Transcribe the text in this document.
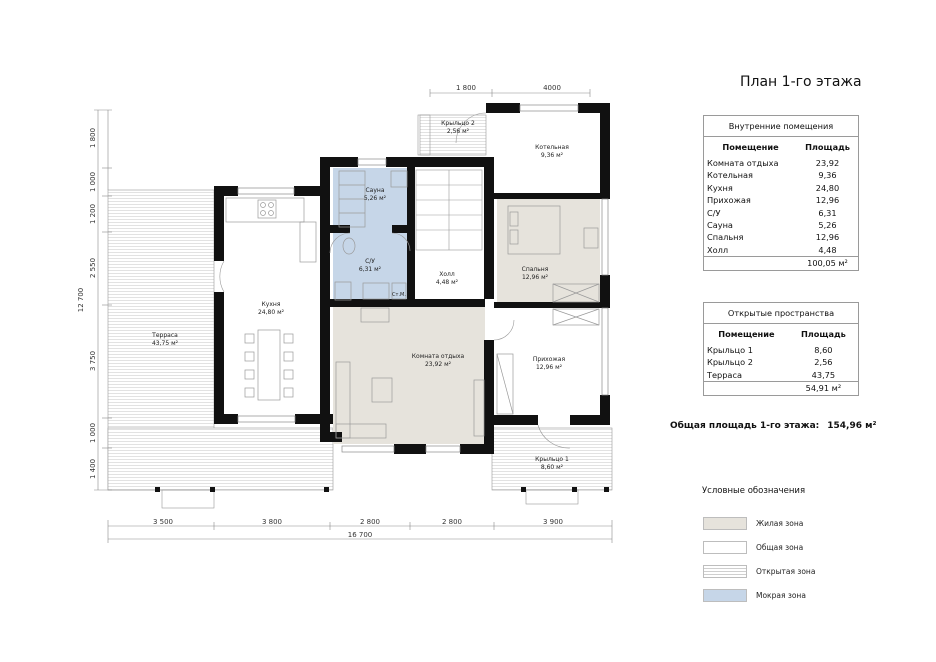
Сауна
5,26 м²
С/У
6,31 м²
Кухня
24,80 м²
Холл
4,48 м²
Спальня
12,96 м²
Котельная
9,36 м²
Комната отдыха
23,92 м²
Прихожая
12,96 м²
Терраса
43,75 м²
Крыльцо 1
8,60 м²
Крыльцо 2
2,56 м²
Ст.М.
1 800	4000
1 800
1 000
1 200
2 550
3 750
1 000
1 400
12 700
3 500	3 800	2 800	2 800	3 900
16 700
План 1-го этажа
Внутренние помещения	
Помещение	Площадь
Комната отдыха	23,92
Котельная	9,36
Кухня	24,80
Прихожая	12,96
С/У	6,31
Сауна	5,26
Спальня	12,96
Холл	4,48
	100,05 м²
Открытые пространства	
Помещение	Площадь
Крыльцо 1	8,60
Крыльцо 2	2,56
Терраса	43,75
	54,91 м²
Общая площадь 1-го этажа: 154,96 м²
Условные обозначения
Жилая зона
Общая зона
Открытая зона
Мокрая зона
